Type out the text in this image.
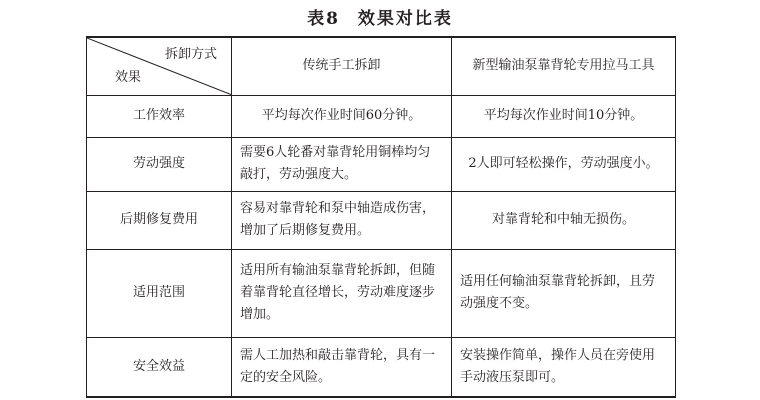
表8 效果对比表
拆卸方式
效果	传统手工拆卸	新型输油泵靠背轮专用拉马工具
工作效率	平均每次作业时间60分钟。	平均每次作业时间10分钟。
劳动强度	需要6人轮番对靠背轮用铜棒均匀敲打，劳动强度大。	2人即可轻松操作，劳动强度小。
后期修复费用	容易对靠背轮和泵中轴造成伤害，增加了后期修复费用。	对靠背轮和中轴无损伤。
适用范围	适用所有输油泵靠背轮拆卸，但随着靠背轮直径增长，劳动难度逐步增加。	适用任何输油泵靠背轮拆卸，且劳动强度不变。
安全效益	需人工加热和敲击靠背轮，具有一定的安全风险。	安装操作简单，操作人员在旁使用手动液压泵即可。
